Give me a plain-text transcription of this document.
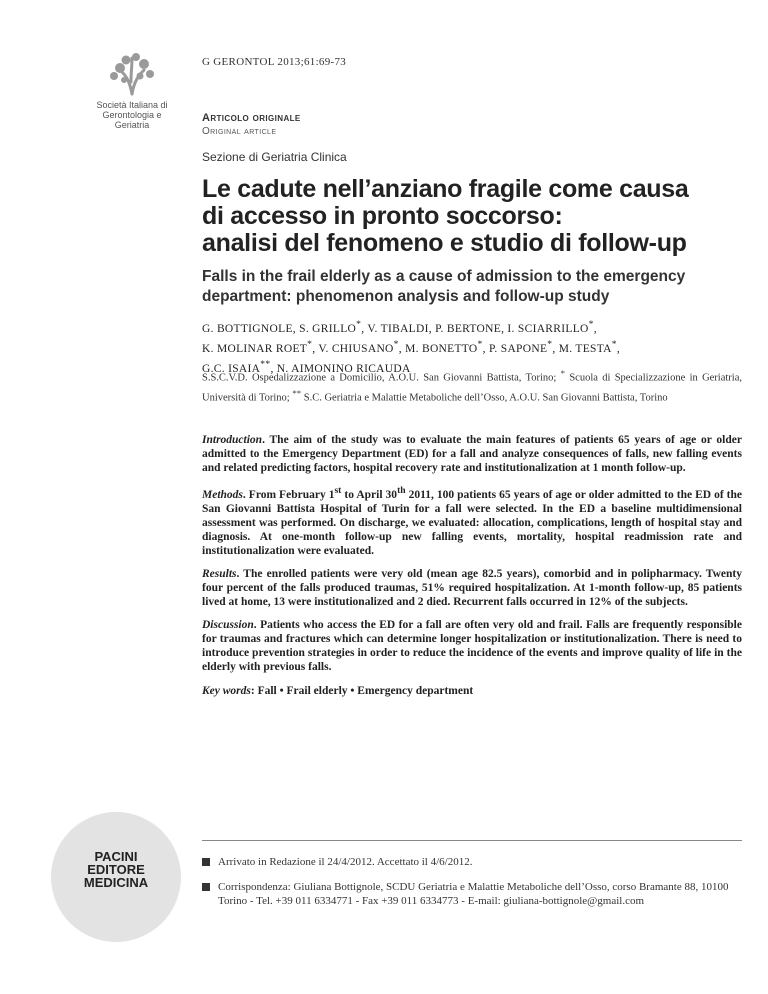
Società Italiana di Gerontologia e Geriatria
G GERONTOL 2013;61:69-73
Articolo originale
Original article
Sezione di Geriatria Clinica
Le cadute nell’anziano fragile come causa
di accesso in pronto soccorso:
analisi del fenomeno e studio di follow-up
Falls in the frail elderly as a cause of admission to the emergency
department: phenomenon analysis and follow-up study
G. BOTTIGNOLE, S. GRILLO*, V. TIBALDI, P. BERTONE, I. SCIARRILLO*,
K. MOLINAR ROET*, V. CHIUSANO*, M. BONETTO*, P. SAPONE*, M. TESTA*,
G.C. ISAIA**, N. AIMONINO RICAUDA
S.S.C.V.D. Ospedalizzazione a Domicilio, A.O.U. San Giovanni Battista, Torino; * Scuola di Specializzazione in Geriatria, Università di Torino; ** S.C. Geriatria e Malattie Metaboliche dell’Osso, A.O.U. San Giovanni Battista, Torino

Introduction. The aim of the study was to evaluate the main features of patients 65 years of age or older admitted to the Emergency Department (ED) for a fall and analyze consequences of falls, new falling events and related predicting factors, hospital recovery rate and institutionalization at 1 month follow-up.

Methods. From February 1st to April 30th 2011, 100 patients 65 years of age or older admitted to the ED of the San Giovanni Battista Hospital of Turin for a fall were selected. In the ED a baseline multidimensional assessment was performed. On discharge, we evaluated: allocation, complications, length of hospital stay and diagnosis. At one-month follow-up new falling events, mortality, hospital readmission rate and institutionalization were evaluated.

Results. The enrolled patients were very old (mean age 82.5 years), comorbid and in polipharmacy. Twenty four percent of the falls produced traumas, 51% required hospitalization. At 1-month follow-up, 85 patients lived at home, 13 were institutionalized and 2 died. Recurrent falls occurred in 12% of the subjects.

Discussion. Patients who access the ED for a fall are often very old and frail. Falls are frequently responsible for traumas and fractures which can determine longer hospitalization or institutionalization. There is need to introduce prevention strategies in order to reduce the incidence of the events and improve quality of life in the elderly with previous falls.

Key words: Fall • Frail elderly • Emergency department

PACINI
EDITORE
MEDICINA
Arrivato in Redazione il 24/4/2012. Accettato il 4/6/2012.
Corrispondenza: Giuliana Bottignole, SCDU Geriatria e Malattie Metaboliche dell’Osso, corso Bramante 88, 10100 Torino - Tel. +39 011 6334771 - Fax +39 011 6334773 - E-mail: giuliana-bottignole@gmail.com
